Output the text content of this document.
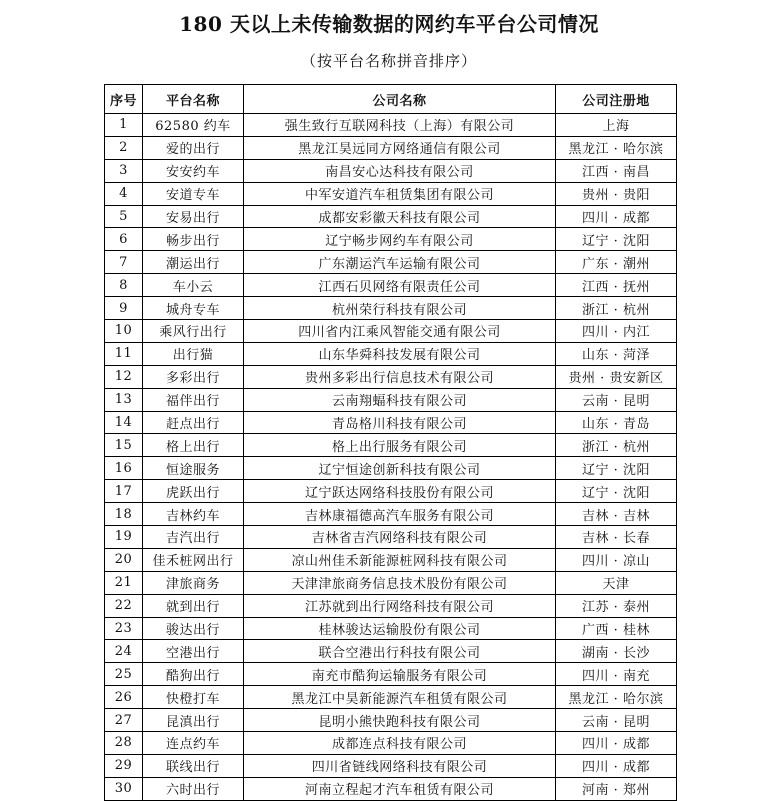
180 天以上未传输数据的网约车平台公司情况
（按平台名称拼音排序）
序号	平台名称	公司名称	公司注册地
1	62580 约车	强生致行互联网科技（上海）有限公司	上海
2	爱的出行	黑龙江昊远同方网络通信有限公司	黑龙江 · 哈尔滨
3	安安约车	南昌安心达科技有限公司	江西 · 南昌
4	安道专车	中军安道汽车租赁集团有限公司	贵州 · 贵阳
5	安易出行	成都安彩徽天科技有限公司	四川 · 成都
6	畅步出行	辽宁畅步网约车有限公司	辽宁 · 沈阳
7	潮运出行	广东潮运汽车运输有限公司	广东 · 潮州
8	车小云	江西石贝网络有限责任公司	江西 · 抚州
9	城舟专车	杭州荣行科技有限公司	浙江 · 杭州
10	乘风行出行	四川省内江乘风智能交通有限公司	四川 · 内江
11	出行猫	山东华舜科技发展有限公司	山东 · 菏泽
12	多彩出行	贵州多彩出行信息技术有限公司	贵州 · 贵安新区
13	福伴出行	云南翔蝠科技有限公司	云南 · 昆明
14	赶点出行	青岛格川科技有限公司	山东 · 青岛
15	格上出行	格上出行服务有限公司	浙江 · 杭州
16	恒途服务	辽宁恒途创新科技有限公司	辽宁 · 沈阳
17	虎跃出行	辽宁跃达网络科技股份有限公司	辽宁 · 沈阳
18	吉林约车	吉林康福德高汽车服务有限公司	吉林 · 吉林
19	吉汽出行	吉林省吉汽网络科技有限公司	吉林 · 长春
20	佳禾桩网出行	凉山州佳禾新能源桩网科技有限公司	四川 · 凉山
21	津旅商务	天津津旅商务信息技术股份有限公司	天津
22	就到出行	江苏就到出行网络科技有限公司	江苏 · 泰州
23	骏达出行	桂林骏达运输股份有限公司	广西 · 桂林
24	空港出行	联合空港出行科技有限公司	湖南 · 长沙
25	酷狗出行	南充市酷狗运输服务有限公司	四川 · 南充
26	快橙打车	黑龙江中昊新能源汽车租赁有限公司	黑龙江 · 哈尔滨
27	昆滇出行	昆明小熊快跑科技有限公司	云南 · 昆明
28	连点约车	成都连点科技有限公司	四川 · 成都
29	联线出行	四川省链线网络科技有限公司	四川 · 成都
30	六时出行	河南立程起才汽车租赁有限公司	河南 · 郑州
